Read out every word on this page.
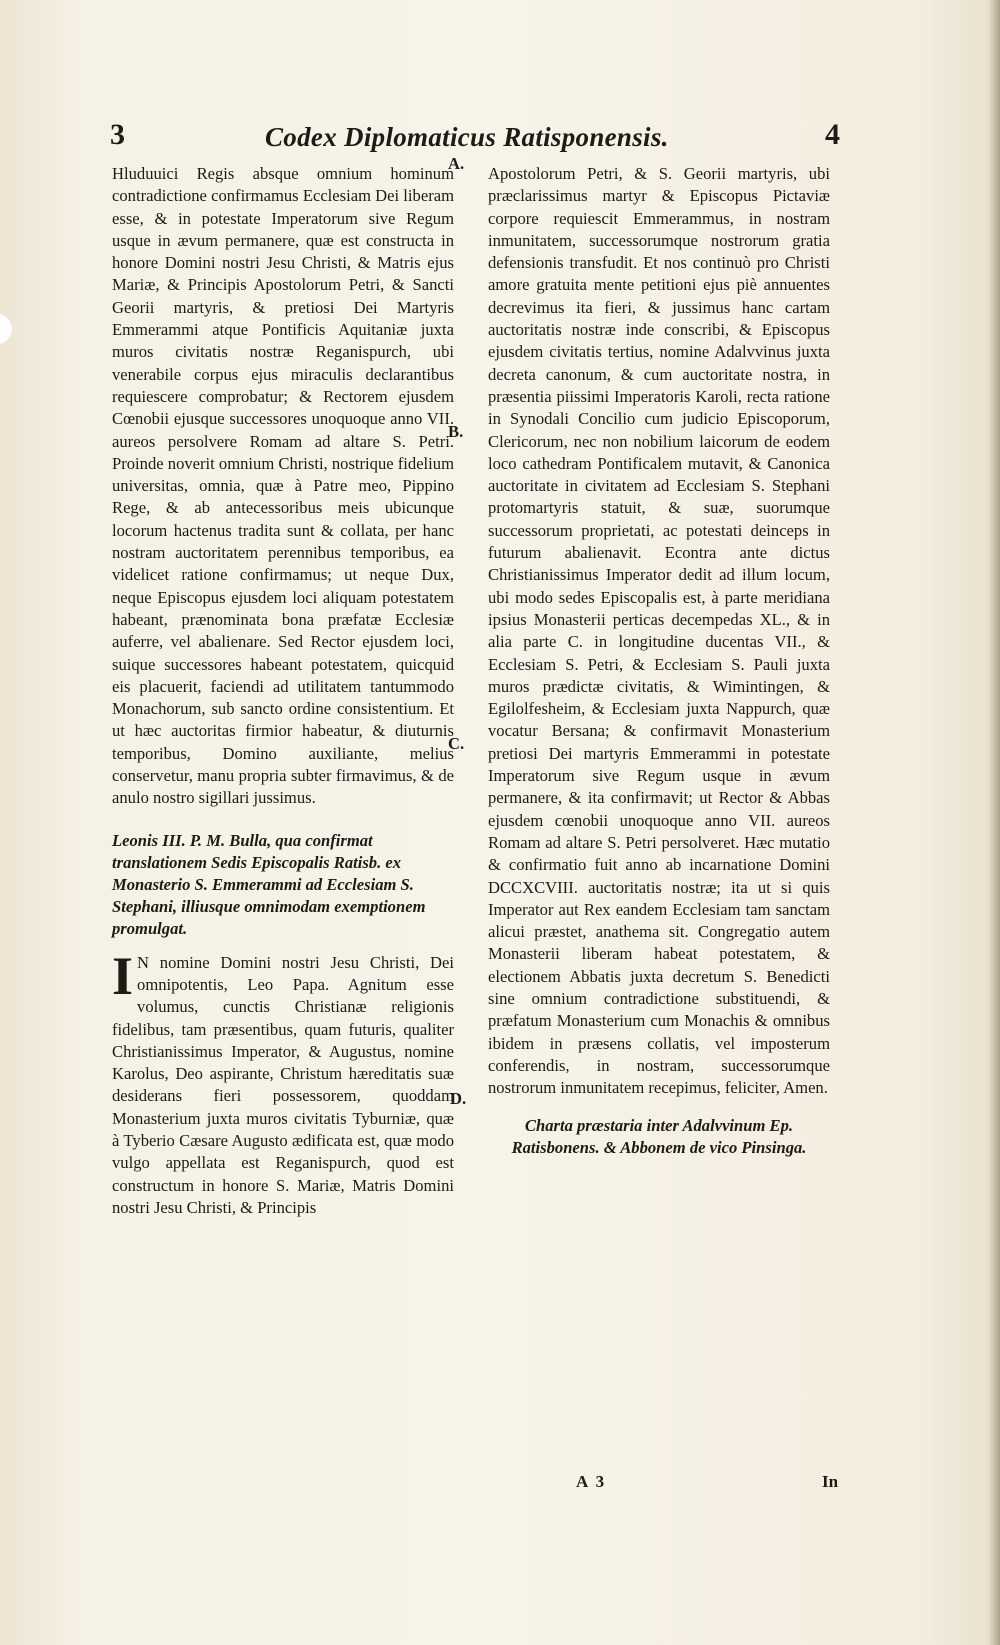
3	Codex Diplomaticus Ratisponensis.	4

Hluduuici Regis absque omnium hominum contradictione confirmamus Ecclesiam Dei liberam esse, & in potestate Imperatorum sive Regum usque in ævum permanere, quæ est constructa in honore Domini nostri Jesu Christi, & Matris ejus Mariæ, & Principis Apostolorum Petri, & Sancti Georii martyris, & pretiosi Dei Martyris Emmerammi atque Pontificis Aquitaniæ juxta muros civitatis nostræ Reganispurch, ubi venerabile corpus ejus miraculis declarantibus requiescere comprobatur; & Rectorem ejusdem Cœnobii ejusque successores unoquoque anno VII. aureos persolvere Romam ad altare S. Petri. Proinde noverit omnium Christi, nostrique fidelium universitas, omnia, quæ à Patre meo, Pippino Rege, & ab antecessoribus meis ubicunque locorum hactenus tradita sunt & collata, per hanc nostram auctoritatem perennibus temporibus, ea videlicet ratione confirmamus; ut neque Dux, neque Episcopus ejusdem loci aliquam potestatem habeant, prænominata bona præfatæ Ecclesiæ auferre, vel abalienare. Sed Rector ejusdem loci, suique successores habeant potestatem, quicquid eis placuerit, faciendi ad utilitatem tantummodo Monachorum, sub sancto ordine consistentium. Et ut hæc auctoritas firmior habeatur, & diuturnis temporibus, Domino auxiliante, melius conservetur, manu propria subter firmavimus, & de anulo nostro sigillari jussimus.

Leonis III. P. M. Bulla, qua confirmat translationem Sedis Episcopalis Ratisb. ex Monasterio S. Emmerammi ad Ecclesiam S. Stephani, illiusque omnimodam exemptionem promulgat.

I N nomine Domini nostri Jesu Christi, Dei omnipotentis, Leo Papa. Agnitum esse volumus, cunctis Christianæ religionis fidelibus, tam præsentibus, quam futuris, qualiter Christianissimus Imperator, & Augustus, nomine Karolus, Deo aspirante, Christum hæreditatis suæ desiderans fieri possessorem, quoddam Monasterium juxta muros civitatis Tyburniæ, quæ à Tyberio Cæsare Augusto ædificata est, quæ modo vulgo appellata est Reganispurch, quod est constructum in honore S. Mariæ, Matris Domini nostri Jesu Christi, & Principis

Apostolorum Petri, & S. Georii martyris, ubi præclarissimus martyr & Episcopus Pictaviæ corpore requiescit Emmerammus, in nostram inmunitatem, successorumque nostrorum gratia defensionis transfudit. Et nos continuò pro Christi amore gratuita mente petitioni ejus piè annuentes decrevimus ita fieri, & jussimus hanc cartam auctoritatis nostræ inde conscribi, & Episcopus ejusdem civitatis tertius, nomine Adalvvinus juxta decreta canonum, & cum auctoritate nostra, in præsentia piissimi Imperatoris Karoli, recta ratione in Synodali Concilio cum judicio Episcoporum, Clericorum, nec non nobilium laicorum de eodem loco cathedram Pontificalem mutavit, & Canonica auctoritate in civitatem ad Ecclesiam S. Stephani protomartyris statuit, & suæ, suorumque successorum proprietati, ac potestati deinceps in futurum abalienavit. Econtra ante dictus Christianissimus Imperator dedit ad illum locum, ubi modo sedes Episcopalis est, à parte meridiana ipsius Monasterii perticas decempedas XL., & in alia parte C. in longitudine ducentas VII., & Ecclesiam S. Petri, & Ecclesiam S. Pauli juxta muros prædictæ civitatis, & Wimintingen, & Egilolfesheim, & Ecclesiam juxta Nappurch, quæ vocatur Bersana; & confirmavit Monasterium pretiosi Dei martyris Emmerammi in potestate Imperatorum sive Regum usque in ævum permanere, & ita confirmavit; ut Rector & Abbas ejusdem cœnobii unoquoque anno VII. aureos Romam ad altare S. Petri persolveret. Hæc mutatio & confirmatio fuit anno ab incarnatione Domini DCCXCVIII. auctoritatis nostræ; ita ut si quis Imperator aut Rex eandem Ecclesiam tam sanctam alicui præstet, anathema sit. Congregatio autem Monasterii liberam habeat potestatem, & electionem Abbatis juxta decretum S. Benedicti sine omnium contradictione substituendi, & præfatum Monasterium cum Monachis & omnibus ibidem in præsens collatis, vel imposterum conferendis, in nostram, successorumque nostrorum inmunitatem recepimus, feliciter, Amen.

Charta præstaria inter Adalvvinum Ep. Ratisbonens. & Abbonem de vico Pinsinga.

A.
B.
C.
D.
A 3	In
